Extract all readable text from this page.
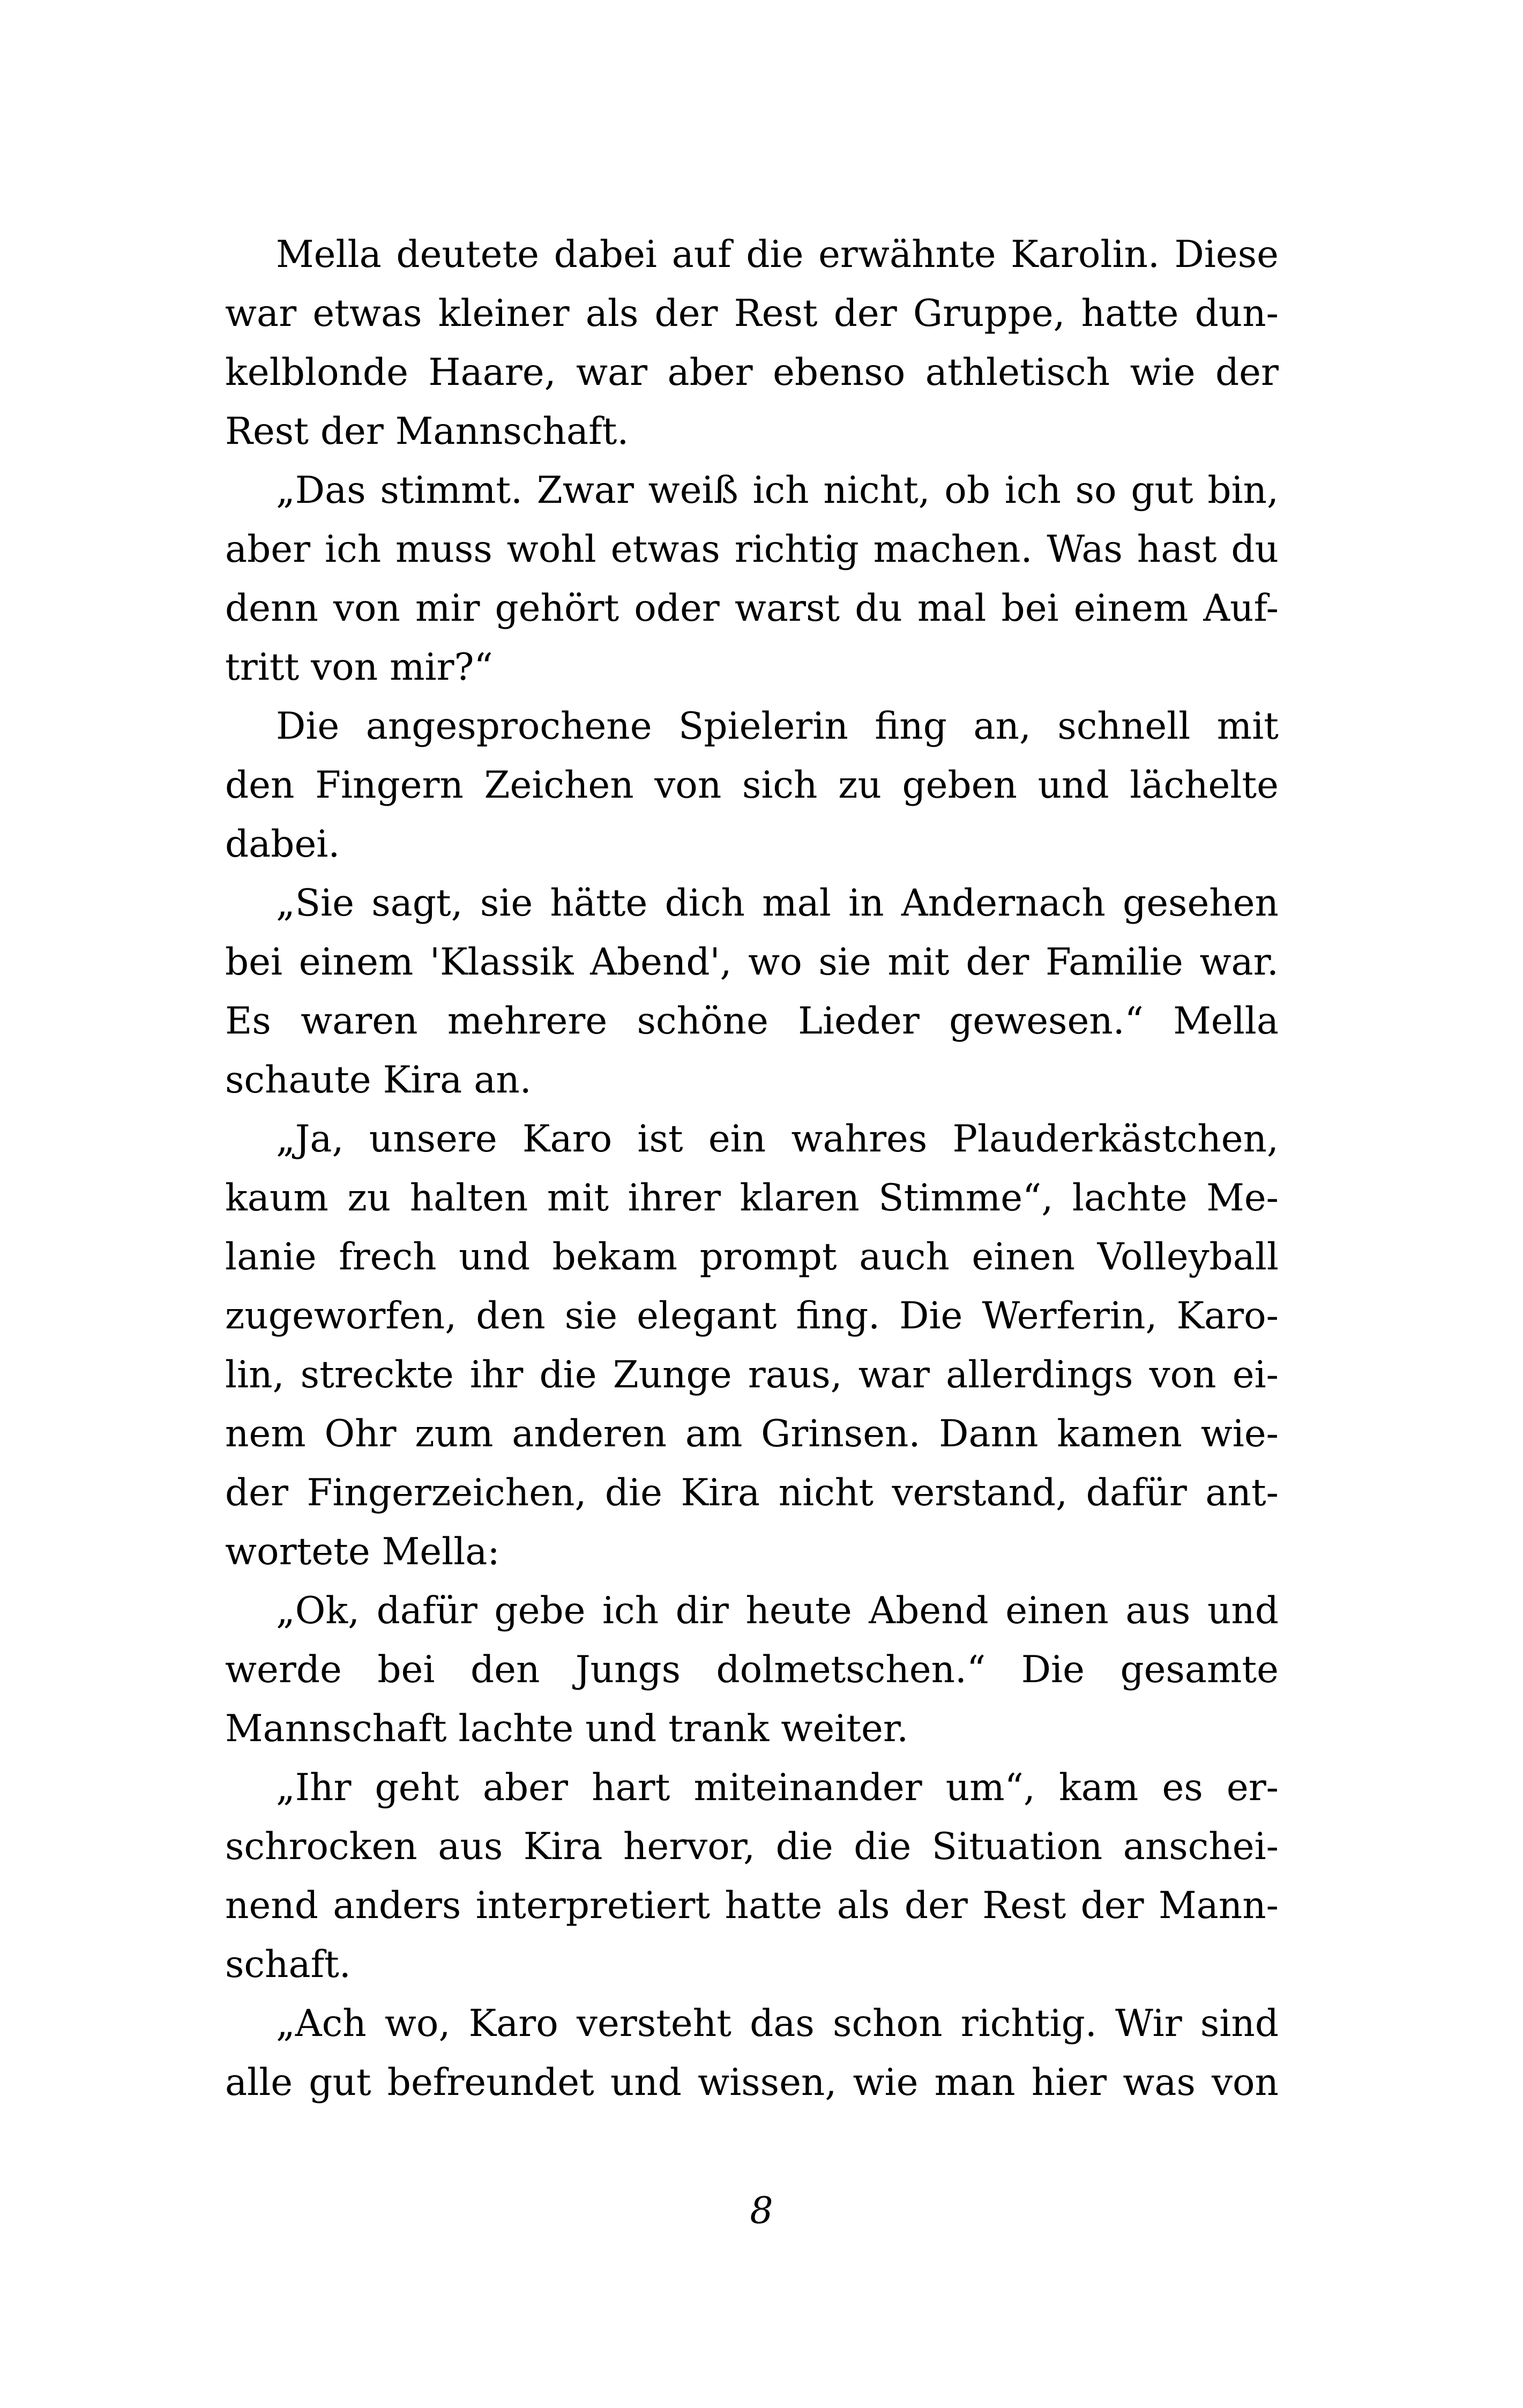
Mella deutete dabei auf die erwähnte Karolin. Diese
war etwas kleiner als der Rest der Gruppe, hatte dun-
kelblonde Haare, war aber ebenso athletisch wie der
Rest der Mannschaft.
„Das stimmt. Zwar weiß ich nicht, ob ich so gut bin,
aber ich muss wohl etwas richtig machen. Was hast du
denn von mir gehört oder warst du mal bei einem Auf-
tritt von mir?“
Die angesprochene Spielerin fing an, schnell mit
den Fingern Zeichen von sich zu geben und lächelte
dabei.
„Sie sagt, sie hätte dich mal in Andernach gesehen
bei einem 'Klassik Abend', wo sie mit der Familie war.
Es waren mehrere schöne Lieder gewesen.“ Mella
schaute Kira an.
„Ja, unsere Karo ist ein wahres Plauderkästchen,
kaum zu halten mit ihrer klaren Stimme“, lachte Me-
lanie frech und bekam prompt auch einen Volleyball
zugeworfen, den sie elegant fing. Die Werferin, Karo-
lin, streckte ihr die Zunge raus, war allerdings von ei-
nem Ohr zum anderen am Grinsen. Dann kamen wie-
der Fingerzeichen, die Kira nicht verstand, dafür ant-
wortete Mella:
„Ok, dafür gebe ich dir heute Abend einen aus und
werde bei den Jungs dolmetschen.“ Die gesamte
Mannschaft lachte und trank weiter.
„Ihr geht aber hart miteinander um“, kam es er-
schrocken aus Kira hervor, die die Situation anschei-
nend anders interpretiert hatte als der Rest der Mann-
schaft.
„Ach wo, Karo versteht das schon richtig. Wir sind
alle gut befreundet und wissen, wie man hier was von
8
